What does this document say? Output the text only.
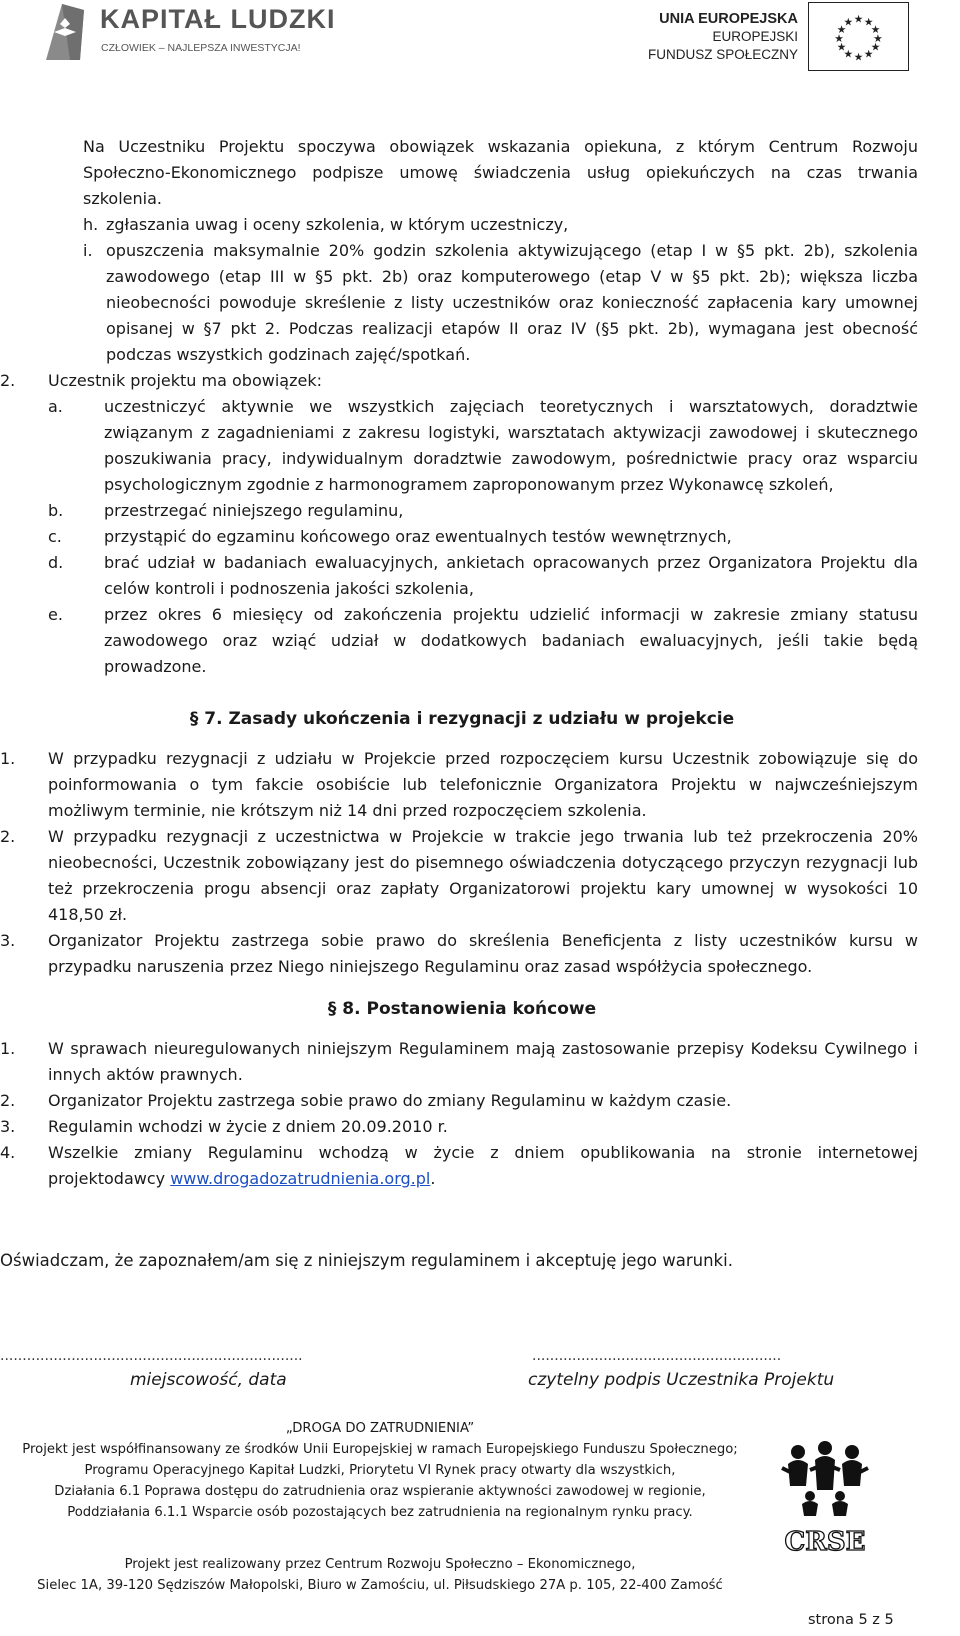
KAPITAŁ LUDZKI
CZŁOWIEK – NAJLEPSZA INWESTYCJA!
UNIA EUROPEJSKA
EUROPEJSKI
FUNDUSZ SPOŁECZNY
★ ★
★
★
★
★
★
★
★
★
★
★
Na Uczestniku Projektu spoczywa obowiązek wskazania opiekuna, z którym Centrum Rozwoju
Społeczno-Ekonomicznego podpisze umowę świadczenia usług opiekuńczych na czas trwania
szkolenia.
h. zgłaszania uwag i oceny szkolenia, w którym uczestniczy,
i. opuszczenia maksymalnie 20% godzin szkolenia aktywizującego (etap I w §5 pkt. 2b), szkolenia
zawodowego (etap III w §5 pkt. 2b) oraz komputerowego (etap V w §5 pkt. 2b); większa liczba
nieobecności powoduje skreślenie z listy uczestników oraz konieczność zapłacenia kary umownej
opisanej w §7 pkt 2. Podczas realizacji etapów II oraz IV (§5 pkt. 2b), wymagana jest obecność
podczas wszystkich godzinach zajęć/spotkań.
2. Uczestnik projektu ma obowiązek:
a.	uczestniczyć aktywnie we wszystkich zajęciach teoretycznych i warsztatowych, doradztwie związanym z zagadnieniami z zakresu logistyki, warsztatach aktywizacji zawodowej i skutecznego poszukiwania pracy, indywidualnym doradztwie zawodowym, pośrednictwie pracy oraz wsparciu psychologicznym zgodnie z harmonogramem zaproponowanym przez Wykonawcę szkoleń,
b.	przestrzegać niniejszego regulaminu,
c.	przystąpić do egzaminu końcowego oraz ewentualnych testów wewnętrznych,
d.	brać udział w badaniach ewaluacyjnych, ankietach opracowanych przez Organizatora Projektu dla celów kontroli i podnoszenia jakości szkolenia,
e.	przez okres 6 miesięcy od zakończenia projektu udzielić informacji w zakresie zmiany statusu zawodowego oraz wziąć udział w dodatkowych badaniach ewaluacyjnych, jeśli takie będą prowadzone.
§ 7. Zasady ukończenia i rezygnacji z udziału w projekcie
1. W przypadku rezygnacji z udziału w Projekcie przed rozpoczęciem kursu Uczestnik zobowiązuje się do poinformowania o tym fakcie osobiście lub telefonicznie Organizatora Projektu w najwcześniejszym możliwym terminie, nie krótszym niż 14 dni przed rozpoczęciem szkolenia.
2. W przypadku rezygnacji z uczestnictwa w Projekcie w trakcie jego trwania lub też przekroczenia 20% nieobecności, Uczestnik zobowiązany jest do pisemnego oświadczenia dotyczącego przyczyn rezygnacji lub też przekroczenia progu absencji oraz zapłaty Organizatorowi projektu kary umownej w wysokości 10 418,50 zł.
3. Organizator Projektu zastrzega sobie prawo do skreślenia Beneficjenta z listy uczestników kursu w przypadku naruszenia przez Niego niniejszego Regulaminu oraz zasad współżycia społecznego.
§ 8. Postanowienia końcowe
1. W sprawach nieuregulowanych niniejszym Regulaminem mają zastosowanie przepisy Kodeksu Cywilnego i innych aktów prawnych.
2. Organizator Projektu zastrzega sobie prawo do zmiany Regulaminu w każdym czasie.
3. Regulamin wchodzi w życie z dniem 20.09.2010 r.
4. Wszelkie zmiany Regulaminu wchodzą w życie z dniem opublikowania na stronie internetowej projektodawcy www.drogadozatrudnienia.org.pl.
Oświadczam, że zapoznałem/am się z niniejszym regulaminem i akceptuję jego warunki.
....................................................................	........................................................
miejscowość, data	czytelny podpis Uczestnika Projektu
„DROGA DO ZATRUDNIENIA”
Projekt jest współfinansowany ze środków Unii Europejskiej w ramach Europejskiego Funduszu Społecznego;
Programu Operacyjnego Kapitał Ludzki, Priorytetu VI Rynek pracy otwarty dla wszystkich,
Działania 6.1 Poprawa dostępu do zatrudnienia oraz wspieranie aktywności zawodowej w regionie,
Poddziałania 6.1.1 Wsparcie osób pozostających bez zatrudnienia na regionalnym rynku pracy.
Projekt jest realizowany przez Centrum Rozwoju Społeczno – Ekonomicznego,
Sielec 1A, 39-120 Sędziszów Małopolski, Biuro w Zamościu, ul. Piłsudskiego 27A p. 105, 22-400 Zamość
CRSE
strona 5 z 5
